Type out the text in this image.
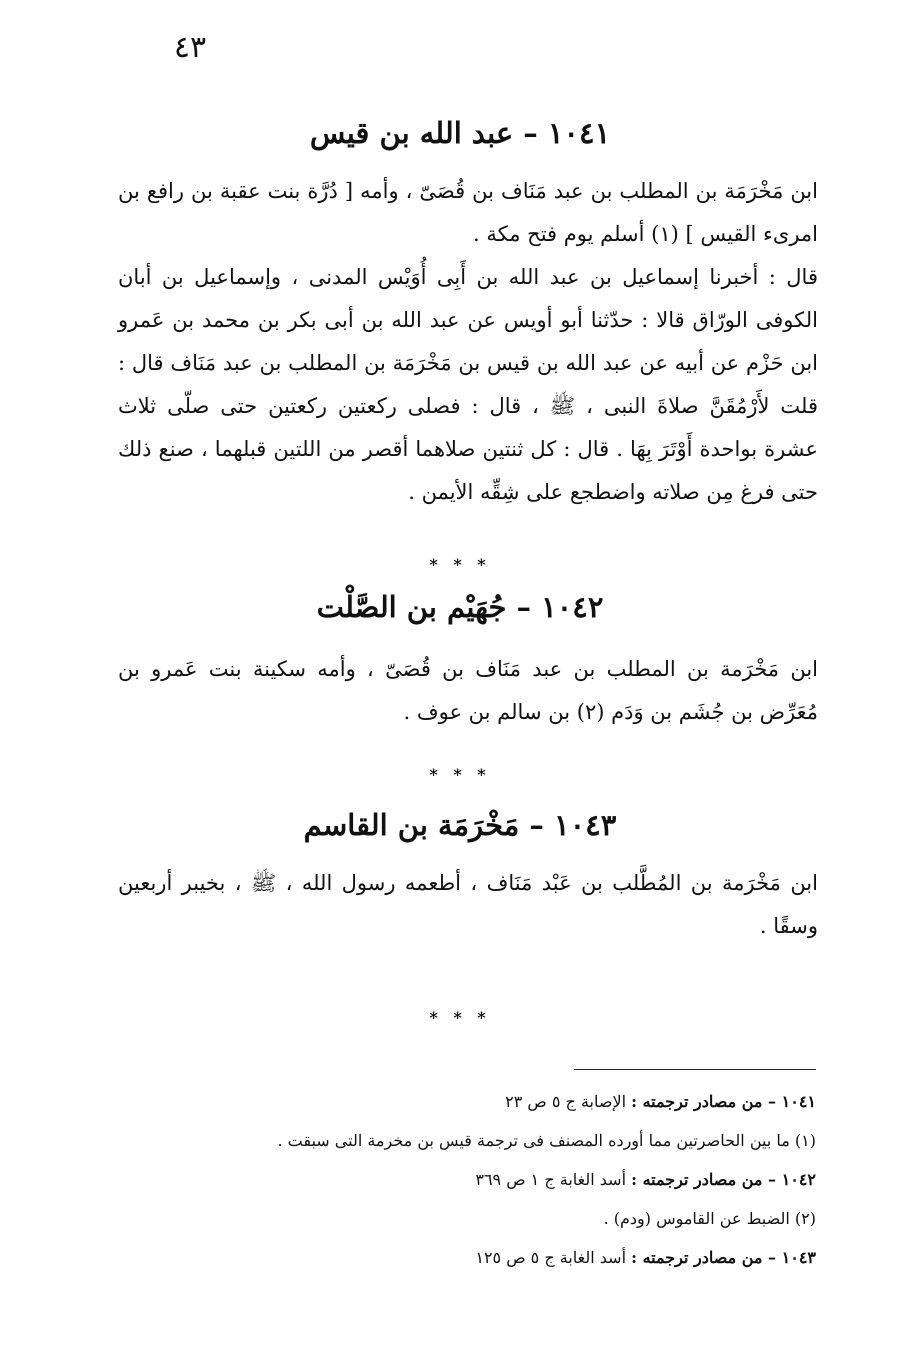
٤٣
١٠٤١ – عبد الله بن قيس

ابن مَخْرَمَة بن المطلب بن عبد مَنَاف بن قُصَىّ ، وأمه [ دُرَّة بنت عقبة بن رافع بن امرىء القيس ] (١) أسلم يوم فتح مكة .

قال : أخبرنا إسماعيل بن عبد الله بن أَبِى أُوَيْس المدنى ، وإسماعيل بن أبان الكوفى الورّاق قالا : حدّثنا أبو أويس عن عبد الله بن أبى بكر بن محمد بن عَمرو ابن حَزْم عن أبيه عن عبد الله بن قيس بن مَخْرَمَة بن المطلب بن عبد مَنَاف قال : قلت لأَرْمُقَنَّ صلاةَ النبى ، ﷺ ، قال : فصلى ركعتين ركعتين حتى صلّى ثلاث عشرة بواحدة أَوْتَرَ بِهَا . قال : كل ثنتين صلاهما أقصر من اللتين قبلهما ، صنع ذلك حتى فرغ مِن صلاته واضطجع على شِقِّه الأيمن .

* * *
١٠٤٢ – جُهَيْم بن الصَّلْت

ابن مَخْرَمة بن المطلب بن عبد مَنَاف بن قُصَىّ ، وأمه سكينة بنت عَمرو بن مُعَرِّض بن جُشَم بن وَدَم (٢) بن سالم بن عوف .

* * *
١٠٤٣ – مَخْرَمَة بن القاسم

ابن مَخْرَمة بن المُطَّلب بن عَبْد مَنَاف ، أطعمه رسول الله ، ﷺ ، بخيبر أربعين وسقًا .

* * *
١٠٤١ – من مصادر ترجمته : الإصابة ج ٥ ص ٢٣
(١) ما بين الحاصرتين مما أورده المصنف فى ترجمة قيس بن مخرمة التى سبقت .
١٠٤٢ – من مصادر ترجمته : أسد الغابة ج ١ ص ٣٦٩
(٢) الضبط عن القاموس (ودم) .
١٠٤٣ – من مصادر ترجمته : أسد الغابة ج ٥ ص ١٢٥
